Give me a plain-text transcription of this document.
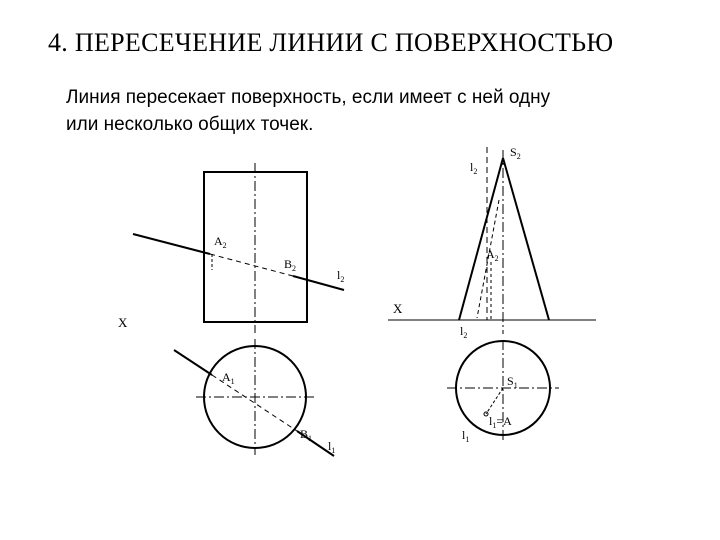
4. ПЕРЕСЕЧЕНИЕ ЛИНИИ С ПОВЕРХНОСТЬЮ
Линия пересекает поверхность, если имеет с ней одну
или несколько общих точек.
X
$A_2$
$B_2$	$l_2$
$A_1$
$B_1$
$l_1$
X
$S_2$
$l_2$
$A_2$
$l_2$
$S_1$
$l_1=A$
$l_1$
